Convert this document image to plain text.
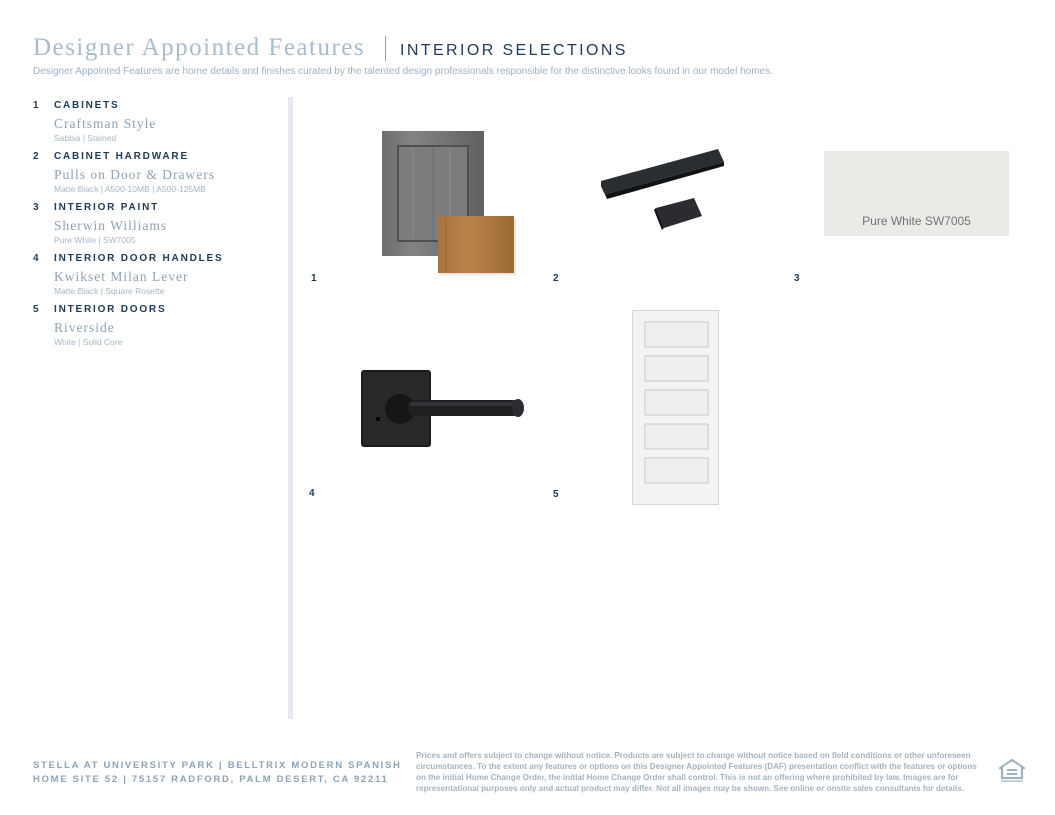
Designer Appointed Features INTERIOR SELECTIONS
Designer Appointed Features are home details and finishes curated by the talented design professionals responsible for the distinctive looks found in our model homes.
1 CABINETS
Craftsman Style
Sabbia | Stained
2 CABINET HARDWARE
Pulls on Door & Drawers
Matte Black | A500-10MB | A500-125MB
3 INTERIOR PAINT
Sherwin Williams
Pure White | SW7005
4 INTERIOR DOOR HANDLES
Kwikset Milan Lever
Matte Black | Square Rosette
5 INTERIOR DOORS
Riverside
White | Solid Core
1	2
Pure White SW7005
3
4	5
STELLA AT UNIVERSITY PARK | BELLTRIX MODERN SPANISH
HOME SITE 52 | 75157 RADFORD, PALM DESERT, CA 92211
Prices and offers subject to change without notice. Products are subject to change without notice based on field conditions or other unforeseen circumstances. To the extent any features or options on this Designer Appointed Features (DAF) presentation conflict with the features or options on the initial Home Change Order, the initial Home Change Order shall control. This is not an offering where prohibited by law. Images are for representational purposes only and actual product may differ. Not all images may be shown. See online or onsite sales consultants for details.
